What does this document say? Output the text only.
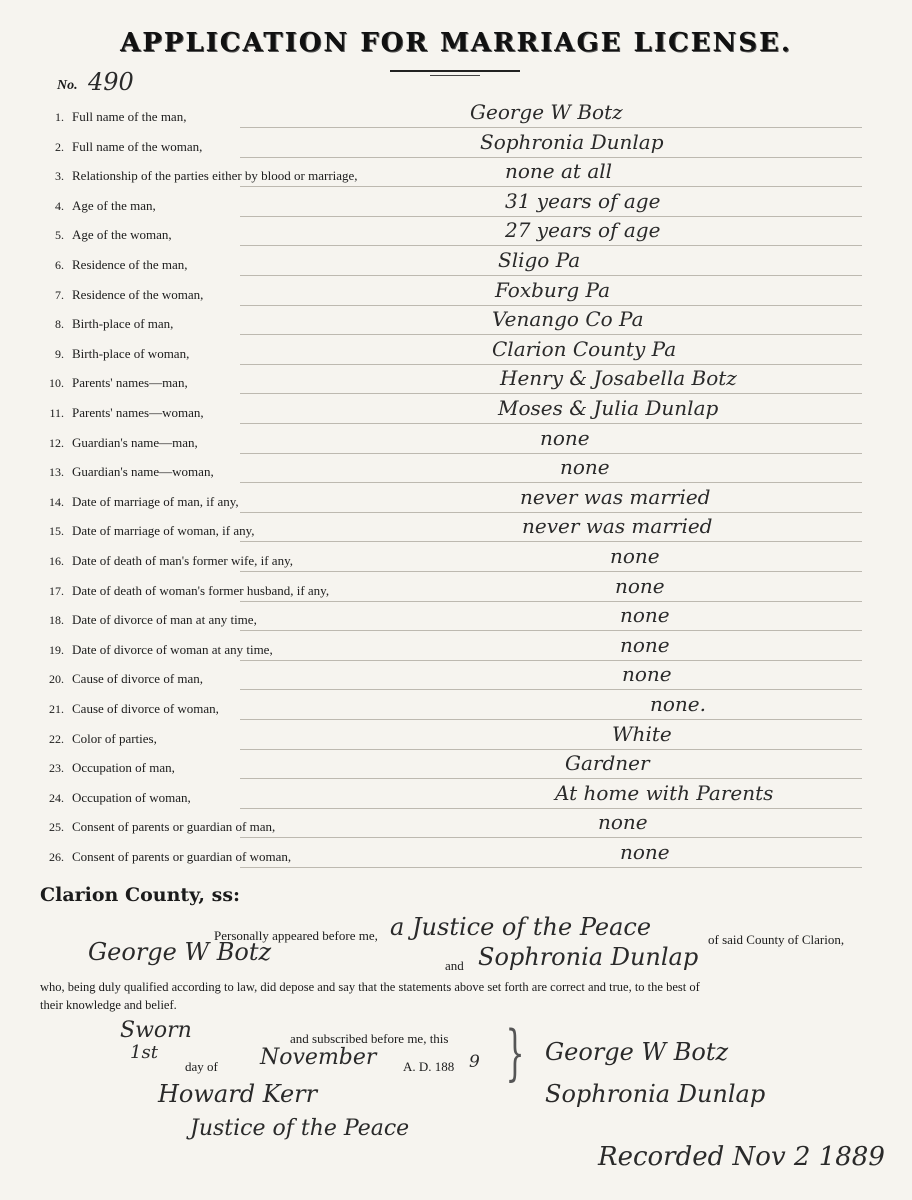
APPLICATION FOR MARRIAGE LICENSE.
No. 490
1. Full name of the man,	George W Botz
2. Full name of the woman,	Sophronia Dunlap
3. Relationship of the parties either by blood or marriage,	none at all
4. Age of the man,	31 years of age
5. Age of the woman,	27 years of age
6. Residence of the man,	Sligo Pa
7. Residence of the woman,	Foxburg Pa
8. Birth-place of man,	Venango Co Pa
9. Birth-place of woman,	Clarion County Pa
10. Parents' names—man,	Henry & Josabella Botz
11. Parents' names—woman,	Moses & Julia Dunlap
12. Guardian's name—man,	none
13. Guardian's name—woman,	none
14. Date of marriage of man, if any,	never was married
15. Date of marriage of woman, if any,	never was married
16. Date of death of man's former wife, if any,	none
17. Date of death of woman's former husband, if any,	none
18. Date of divorce of man at any time,	none
19. Date of divorce of woman at any time,	none
20. Cause of divorce of man,	none
21. Cause of divorce of woman,	none.
22. Color of parties,	White
23. Occupation of man,	Gardner
24. Occupation of woman,	At home with Parents
25. Consent of parents or guardian of man,	none
26. Consent of parents or guardian of woman,	none
Clarion County, ss:
Personally appeared before me, a Justice of the Peace	of said County of Clarion,
George W Botz	and Sophronia Dunlap
who, being duly qualified according to law, did depose and say that the statements above set forth are correct and true, to the best of
their knowledge and belief.
Sworn	and subscribed before me, this
1st
day of November A. D. 188 9 }
Howard Kerr
Justice of the Peace
George W Botz
Sophronia Dunlap
Recorded Nov 2 1889
